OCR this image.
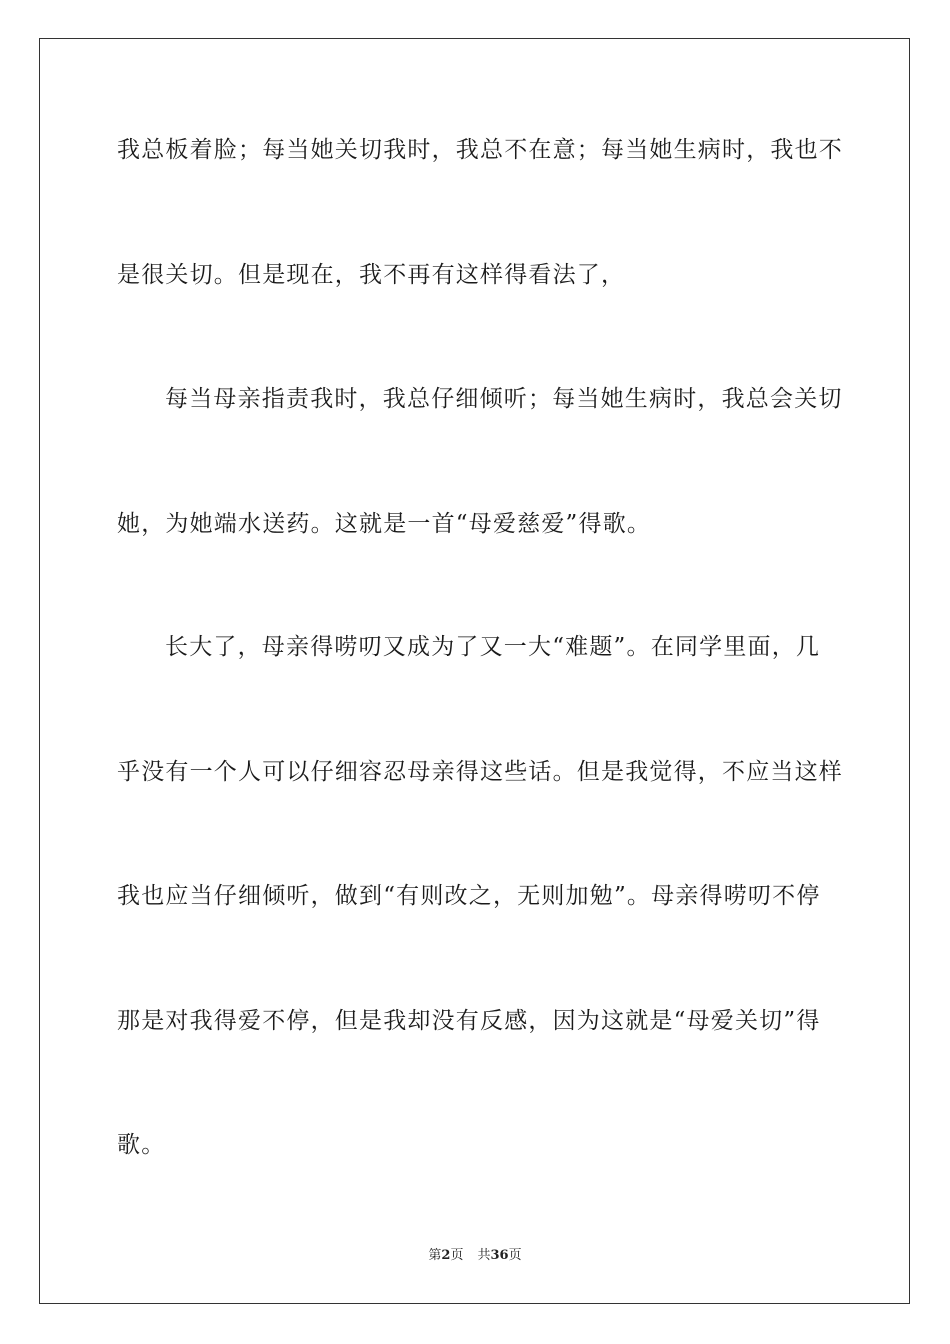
我总板着脸；每当她关切我时，我总不在意；每当她生病时，我也不
是很关切。但是现在，我不再有这样得看法了，
每当母亲指责我时，我总仔细倾听；每当她生病时，我总会关切
她，为她端水送药。这就是一首“母爱慈爱”得歌。
长大了，母亲得唠叨又成为了又一大“难题”。在同学里面，几
乎没有一个人可以仔细容忍母亲得这些话。但是我觉得，不应当这样
我也应当仔细倾听，做到“有则改之，无则加勉”。母亲得唠叨不停
那是对我得爱不停，但是我却没有反感，因为这就是“母爱关切”得
歌。
第2页 共36页
